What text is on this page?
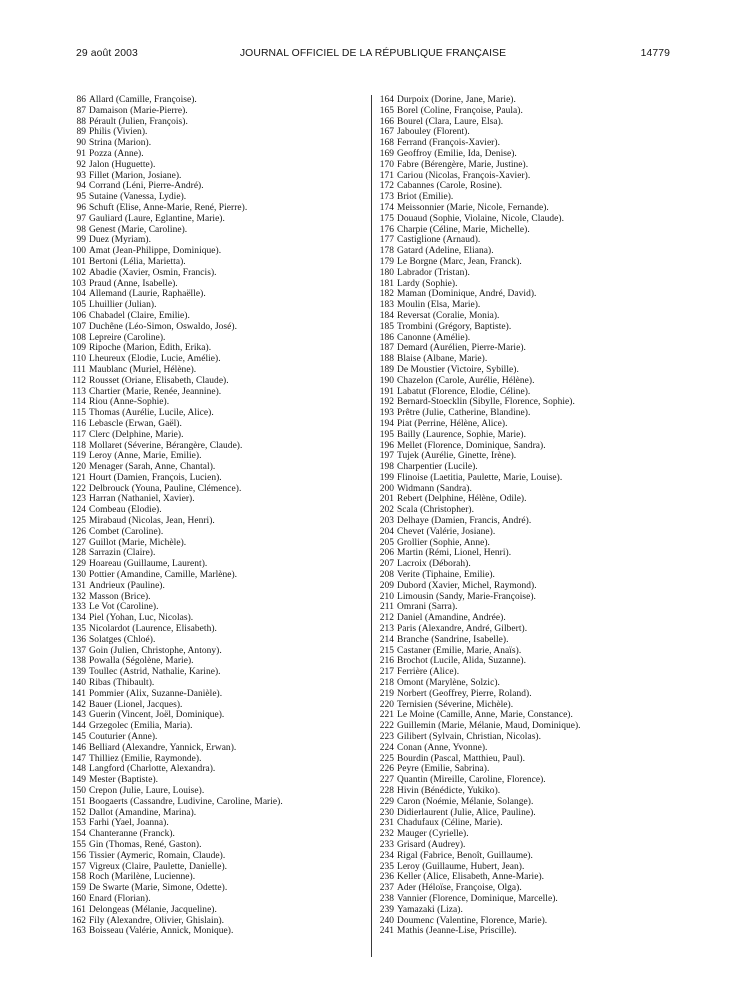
29 août 2003	JOURNAL OFFICIEL DE LA RÉPUBLIQUE FRANÇAISE	14779
86 Allard (Camille, Françoise).
87 Damaison (Marie-Pierre).
88 Pérault (Julien, François).
89 Philis (Vivien).
90 Strina (Marion).
91 Pozza (Anne).
92 Jalon (Huguette).
93 Fillet (Marion, Josiane).
94 Corrand (Léni, Pierre-André).
95 Sutaine (Vanessa, Lydie).
96 Schuft (Elise, Anne-Marie, René, Pierre).
97 Gauliard (Laure, Eglantine, Marie).
98 Genest (Marie, Caroline).
99 Duez (Myriam).
100 Amat (Jean-Philippe, Dominique).
101 Bertoni (Lélia, Marietta).
102 Abadie (Xavier, Osmin, Francis).
103 Praud (Anne, Isabelle).
104 Allemand (Laurie, Raphaëlle).
105 Lhuillier (Julian).
106 Chabadel (Claire, Emilie).
107 Duchêne (Léo-Simon, Oswaldo, José).
108 Lepreire (Caroline).
109 Ripoche (Marion, Edith, Erika).
110 Lheureux (Elodie, Lucie, Amélie).
111 Maublanc (Muriel, Hélène).
112 Rousset (Oriane, Elisabeth, Claude).
113 Chartier (Marie, Renée, Jeannine).
114 Riou (Anne-Sophie).
115 Thomas (Aurélie, Lucile, Alice).
116 Lebascle (Erwan, Gaël).
117 Clerc (Delphine, Marie).
118 Mollaret (Séverine, Bérangère, Claude).
119 Leroy (Anne, Marie, Emilie).
120 Menager (Sarah, Anne, Chantal).
121 Hourt (Damien, François, Lucien).
122 Delbrouck (Youna, Pauline, Clémence).
123 Harran (Nathaniel, Xavier).
124 Combeau (Elodie).
125 Mirabaud (Nicolas, Jean, Henri).
126 Combet (Caroline).
127 Guillot (Marie, Michèle).
128 Sarrazin (Claire).
129 Hoareau (Guillaume, Laurent).
130 Pottier (Amandine, Camille, Marlène).
131 Andrieux (Pauline).
132 Masson (Brice).
133 Le Vot (Caroline).
134 Piel (Yohan, Luc, Nicolas).
135 Nicolardot (Laurence, Elisabeth).
136 Solatges (Chloé).
137 Goin (Julien, Christophe, Antony).
138 Powalla (Ségolène, Marie).
139 Toullec (Astrid, Nathalie, Karine).
140 Ribas (Thibault).
141 Pommier (Alix, Suzanne-Danièle).
142 Bauer (Lionel, Jacques).
143 Guerin (Vincent, Joël, Dominique).
144 Grzegolec (Emilia, Maria).
145 Couturier (Anne).
146 Belliard (Alexandre, Yannick, Erwan).
147 Thilliez (Emilie, Raymonde).
148 Langford (Charlotte, Alexandra).
149 Mester (Baptiste).
150 Crepon (Julie, Laure, Louise).
151 Boogaerts (Cassandre, Ludivine, Caroline, Marie).
152 Dallot (Amandine, Marina).
153 Farhi (Yael, Joanna).
154 Chanteranne (Franck).
155 Gin (Thomas, René, Gaston).
156 Tissier (Aymeric, Romain, Claude).
157 Vigreux (Claire, Paulette, Danielle).
158 Roch (Marilène, Lucienne).
159 De Swarte (Marie, Simone, Odette).
160 Enard (Florian).
161 Delongeas (Mélanie, Jacqueline).
162 Fily (Alexandre, Olivier, Ghislain).
163 Boisseau (Valérie, Annick, Monique).
164 Durpoix (Dorine, Jane, Marie).
165 Borel (Coline, Françoise, Paula).
166 Bourel (Clara, Laure, Elsa).
167 Jabouley (Florent).
168 Ferrand (François-Xavier).
169 Geoffroy (Emilie, Ida, Denise).
170 Fabre (Bérengère, Marie, Justine).
171 Cariou (Nicolas, François-Xavier).
172 Cabannes (Carole, Rosine).
173 Briot (Emilie).
174 Meissonnier (Marie, Nicole, Fernande).
175 Douaud (Sophie, Violaine, Nicole, Claude).
176 Charpie (Céline, Marie, Michelle).
177 Castiglione (Arnaud).
178 Gatard (Adeline, Eliana).
179 Le Borgne (Marc, Jean, Franck).
180 Labrador (Tristan).
181 Lardy (Sophie).
182 Maman (Dominique, André, David).
183 Moulin (Elsa, Marie).
184 Reversat (Coralie, Monia).
185 Trombini (Grégory, Baptiste).
186 Canonne (Amélie).
187 Demard (Aurélien, Pierre-Marie).
188 Blaise (Albane, Marie).
189 De Moustier (Victoire, Sybille).
190 Chazelon (Carole, Aurélie, Hélène).
191 Labatut (Florence, Elodie, Céline).
192 Bernard-Stoecklin (Sibylle, Florence, Sophie).
193 Prêtre (Julie, Catherine, Blandine).
194 Piat (Perrine, Hélène, Alice).
195 Bailly (Laurence, Sophie, Marie).
196 Mellet (Florence, Dominique, Sandra).
197 Tujek (Aurélie, Ginette, Irène).
198 Charpentier (Lucile).
199 Flinoise (Laetitia, Paulette, Marie, Louise).
200 Widmann (Sandra).
201 Rebert (Delphine, Hélène, Odile).
202 Scala (Christopher).
203 Delhaye (Damien, Francis, André).
204 Chevet (Valérie, Josiane).
205 Grollier (Sophie, Anne).
206 Martin (Rémi, Lionel, Henri).
207 Lacroix (Déborah).
208 Verite (Tiphaine, Emilie).
209 Dubord (Xavier, Michel, Raymond).
210 Limousin (Sandy, Marie-Françoise).
211 Omrani (Sarra).
212 Daniel (Amandine, Andrée).
213 Paris (Alexandre, André, Gilbert).
214 Branche (Sandrine, Isabelle).
215 Castaner (Emilie, Marie, Anaïs).
216 Brochot (Lucile, Alida, Suzanne).
217 Ferrière (Alice).
218 Omont (Marylène, Solzic).
219 Norbert (Geoffrey, Pierre, Roland).
220 Ternisien (Séverine, Michèle).
221 Le Moine (Camille, Anne, Marie, Constance).
222 Guillemin (Marie, Mélanie, Maud, Dominique).
223 Gilibert (Sylvain, Christian, Nicolas).
224 Conan (Anne, Yvonne).
225 Bourdin (Pascal, Matthieu, Paul).
226 Peyre (Emilie, Sabrina).
227 Quantin (Mireille, Caroline, Florence).
228 Hivin (Bénédicte, Yukiko).
229 Caron (Noémie, Mélanie, Solange).
230 Didierlaurent (Julie, Alice, Pauline).
231 Chadufaux (Céline, Marie).
232 Mauger (Cyrielle).
233 Grisard (Audrey).
234 Rigal (Fabrice, Benoît, Guillaume).
235 Leroy (Guillaume, Hubert, Jean).
236 Keller (Alice, Elisabeth, Anne-Marie).
237 Ader (Héloïse, Françoise, Olga).
238 Vannier (Florence, Dominique, Marcelle).
239 Yamazaki (Liza).
240 Doumenc (Valentine, Florence, Marie).
241 Mathis (Jeanne-Lise, Priscille).
